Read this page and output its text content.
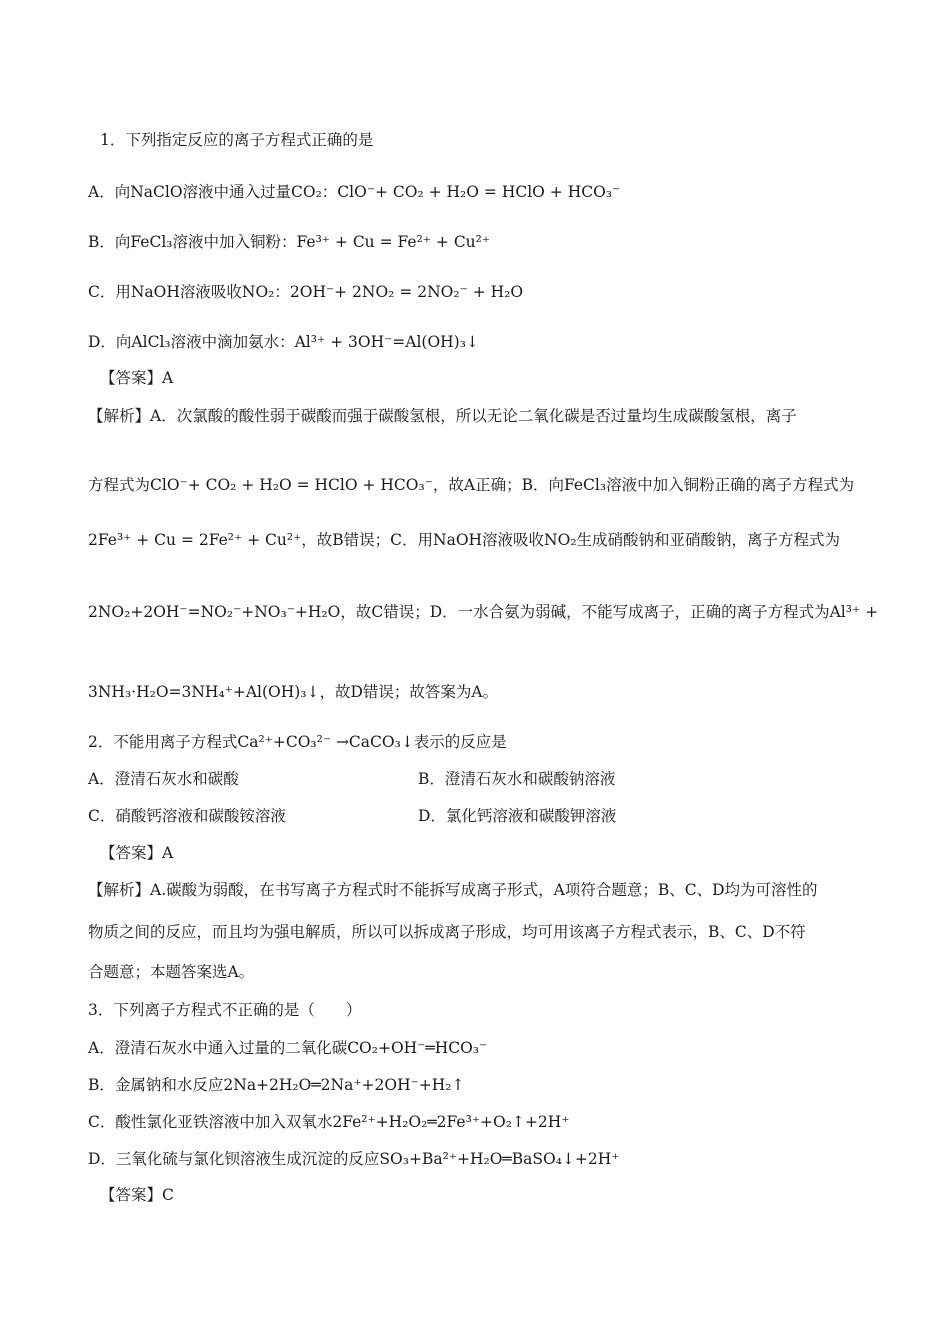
1．下列指定反应的离子方程式正确的是
A．向NaClO溶液中通入过量CO₂：ClO⁻+ CO₂ + H₂O = HClO + HCO₃⁻
B．向FeCl₃溶液中加入铜粉：Fe³⁺ + Cu = Fe²⁺ + Cu²⁺
C．用NaOH溶液吸收NO₂：2OH⁻+ 2NO₂ = 2NO₂⁻ + H₂O
D．向AlCl₃溶液中滴加氨水：Al³⁺ + 3OH⁻=Al(OH)₃↓
【答案】A
【解析】A．次氯酸的酸性弱于碳酸而强于碳酸氢根，所以无论二氧化碳是否过量均生成碳酸氢根，离子
方程式为ClO⁻+ CO₂ + H₂O = HClO + HCO₃⁻，故A正确；B．向FeCl₃溶液中加入铜粉正确的离子方程式为
2Fe³⁺ + Cu = 2Fe²⁺ + Cu²⁺，故B错误；C．用NaOH溶液吸收NO₂生成硝酸钠和亚硝酸钠，离子方程式为
2NO₂+2OH⁻=NO₂⁻+NO₃⁻+H₂O，故C错误；D．一水合氨为弱碱，不能写成离子，正确的离子方程式为Al³⁺ +
3NH₃·H₂O=3NH₄⁺+Al(OH)₃↓，故D错误；故答案为A。
2．不能用离子方程式Ca²⁺+CO₃²⁻ →CaCO₃↓表示的反应是
A．澄清石灰水和碳酸	B．澄清石灰水和碳酸钠溶液
C．硝酸钙溶液和碳酸铵溶液	D．氯化钙溶液和碳酸钾溶液
【答案】A
【解析】A.碳酸为弱酸，在书写离子方程式时不能拆写成离子形式，A项符合题意；B、C、D均为可溶性的
物质之间的反应，而且均为强电解质，所以可以拆成离子形成，均可用该离子方程式表示，B、C、D不符
合题意；本题答案选A。
3．下列离子方程式不正确的是（　　）
A．澄清石灰水中通入过量的二氧化碳CO₂+OH⁻═HCO₃⁻
B．金属钠和水反应2Na+2H₂O═2Na⁺+2OH⁻+H₂↑
C．酸性氯化亚铁溶液中加入双氧水2Fe²⁺+H₂O₂═2Fe³⁺+O₂↑+2H⁺
D．三氧化硫与氯化钡溶液生成沉淀的反应SO₃+Ba²⁺+H₂O═BaSO₄↓+2H⁺
【答案】C
